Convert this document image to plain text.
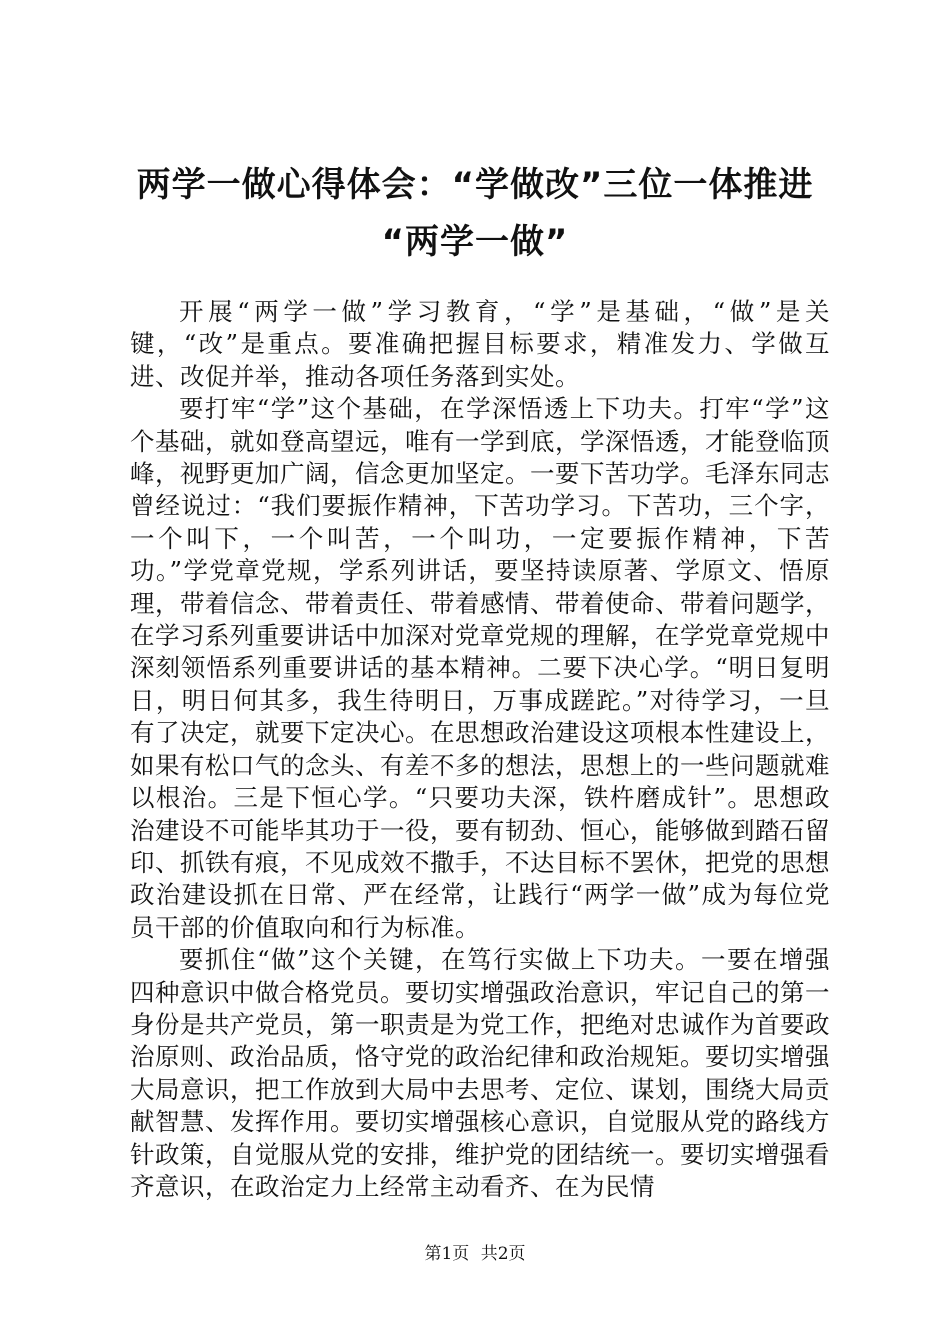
两学一做心得体会：“学做改”三位一体推进
“两学一做”

开展“两学一做”学习教育，“学”是基础，“做”是关键，“改”是重点。要准确把握目标要求，精准发力、学做互进、改促并举，推动各项任务落到实处。

要打牢“学”这个基础，在学深悟透上下功夫。打牢“学”这个基础，就如登高望远，唯有一学到底，学深悟透，才能登临顶峰，视野更加广阔，信念更加坚定。一要下苦功学。毛泽东同志曾经说过：“我们要振作精神，下苦功学习。下苦功，三个字，一个叫下，一个叫苦，一个叫功，一定要振作精神，下苦功。”学党章党规，学系列讲话，要坚持读原著、学原文、悟原理，带着信念、带着责任、带着感情、带着使命、带着问题学，在学习系列重要讲话中加深对党章党规的理解，在学党章党规中深刻领悟系列重要讲话的基本精神。二要下决心学。“明日复明日，明日何其多，我生待明日，万事成蹉跎。”对待学习，一旦有了决定，就要下定决心。在思想政治建设这项根本性建设上，如果有松口气的念头、有差不多的想法，思想上的一些问题就难以根治。三是下恒心学。“只要功夫深，铁杵磨成针”。思想政治建设不可能毕其功于一役，要有韧劲、恒心，能够做到踏石留印、抓铁有痕，不见成效不撒手，不达目标不罢休，把党的思想政治建设抓在日常、严在经常，让践行“两学一做”成为每位党员干部的价值取向和行为标准。

要抓住“做”这个关键，在笃行实做上下功夫。一要在增强四种意识中做合格党员。要切实增强政治意识，牢记自己的第一身份是共产党员，第一职责是为党工作，把绝对忠诚作为首要政治原则、政治品质，恪守党的政治纪律和政治规矩。要切实增强大局意识，把工作放到大局中去思考、定位、谋划，围绕大局贡献智慧、发挥作用。要切实增强核心意识，自觉服从党的路线方针政策，自觉服从党的安排，维护党的团结统一。要切实增强看齐意识，在政治定力上经常主动看齐、在为民情

第1页 共2页
